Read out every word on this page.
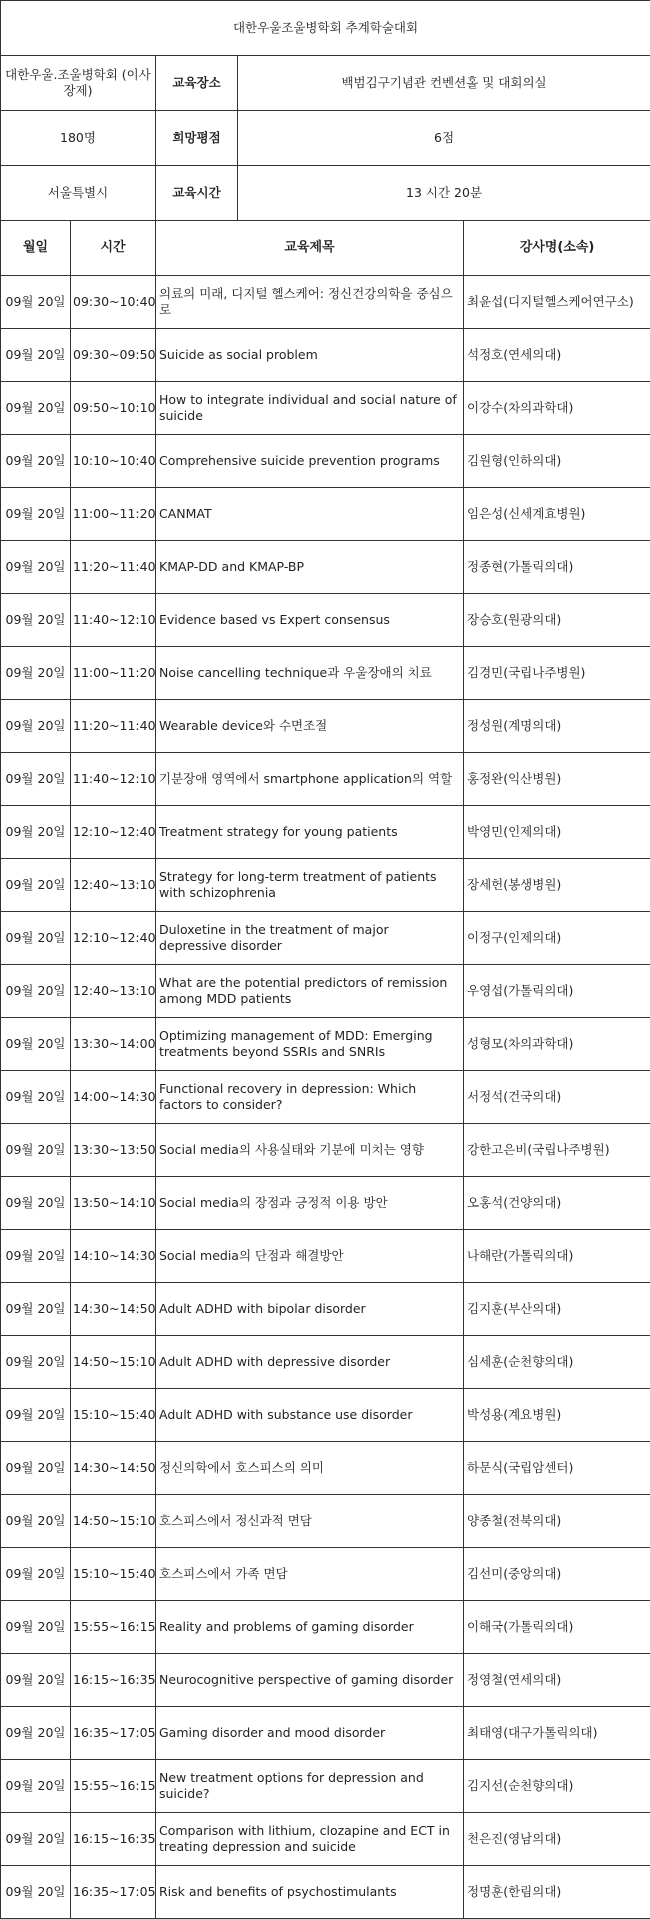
대한우울조울병학회 추계학술대회				
대한우울.조울병학회 (이사장제)		교육장소	백범김구기념관 컨벤션홀 및 대회의실	
180명		희망평점	6점	
서울특별시		교육시간	13 시간 20분	
월일	시간	교육제목		강사명(소속)
09월 20일	09:30~10:40	의료의 미래, 디지털 헬스케어: 정신건강의학을 중심으로		최윤섭(디지털헬스케어연구소)
09월 20일	09:30~09:50	Suicide as social problem		석정호(연세의대)
09월 20일	09:50~10:10	How to integrate individual and social nature of suicide		이강수(차의과학대)
09월 20일	10:10~10:40	Comprehensive suicide prevention programs		김원형(인하의대)
09월 20일	11:00~11:20	CANMAT		임은성(신세계효병원)
09월 20일	11:20~11:40	KMAP-DD and KMAP-BP		정종현(가톨릭의대)
09월 20일	11:40~12:10	Evidence based vs Expert consensus		장승호(원광의대)
09월 20일	11:00~11:20	Noise cancelling technique과 우울장애의 치료		김경민(국립나주병원)
09월 20일	11:20~11:40	Wearable device와 수면조절		정성원(계명의대)
09월 20일	11:40~12:10	기분장애 영역에서 smartphone application의 역할		홍정완(익산병원)
09월 20일	12:10~12:40	Treatment strategy for young patients		박영민(인제의대)
09월 20일	12:40~13:10	Strategy for long-term treatment of patients with schizophrenia		장세헌(봉생병원)
09월 20일	12:10~12:40	Duloxetine in the treatment of major depressive disorder		이정구(인제의대)
09월 20일	12:40~13:10	What are the potential predictors of remission among MDD patients		우영섭(가톨릭의대)
09월 20일	13:30~14:00	Optimizing management of MDD: Emerging treatments beyond SSRIs and SNRIs		성형모(차의과학대)
09월 20일	14:00~14:30	Functional recovery in depression: Which factors to consider?		서정석(건국의대)
09월 20일	13:30~13:50	Social media의 사용실태와 기분에 미치는 영향		강한고은비(국립나주병원)
09월 20일	13:50~14:10	Social media의 장점과 긍정적 이용 방안		오홍석(건양의대)
09월 20일	14:10~14:30	Social media의 단점과 해결방안		나해란(가톨릭의대)
09월 20일	14:30~14:50	Adult ADHD with bipolar disorder		김지훈(부산의대)
09월 20일	14:50~15:10	Adult ADHD with depressive disorder		심세훈(순천향의대)
09월 20일	15:10~15:40	Adult ADHD with substance use disorder		박성용(계요병원)
09월 20일	14:30~14:50	정신의학에서 호스피스의 의미		하문식(국립암센터)
09월 20일	14:50~15:10	호스피스에서 정신과적 면담		양종철(전북의대)
09월 20일	15:10~15:40	호스피스에서 가족 면담		김선미(중앙의대)
09월 20일	15:55~16:15	Reality and problems of gaming disorder		이해국(가톨릭의대)
09월 20일	16:15~16:35	Neurocognitive perspective of gaming disorder		정영철(연세의대)
09월 20일	16:35~17:05	Gaming disorder and mood disorder		최태영(대구가톨릭의대)
09월 20일	15:55~16:15	New treatment options for depression and suicide?		김지선(순천향의대)
09월 20일	16:15~16:35	Comparison with lithium, clozapine and ECT in treating depression and suicide		천은진(영남의대)
09월 20일	16:35~17:05	Risk and benefits of psychostimulants		정명훈(한림의대)
